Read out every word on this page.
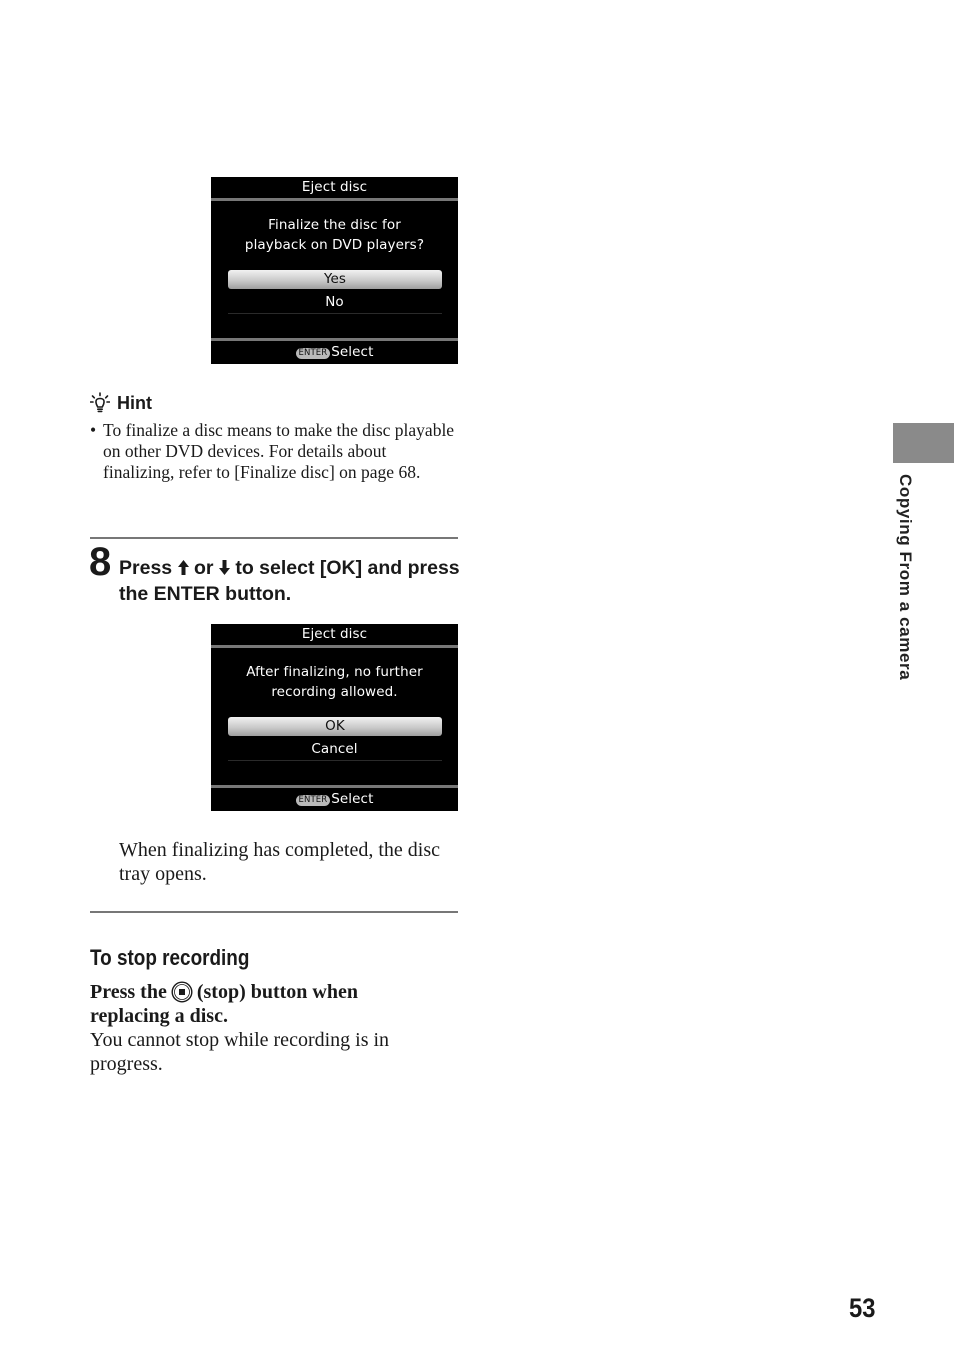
Eject disc
Finalize the disc for
playback on DVD players?
Yes
No
ENTER Select
Hint
• To finalize a disc means to make the disc playable on other DVD devices. For details about finalizing, refer to [Finalize disc] on page 68.
8 Press or to select [OK] and press the ENTER button.
Eject disc
After finalizing, no further
recording allowed.
OK
Cancel
ENTER Select
When finalizing has completed, the disc tray opens.
To stop recording
Press the (stop) button when replacing a disc.
You cannot stop while recording is in progress.
Copying From a camera
53
